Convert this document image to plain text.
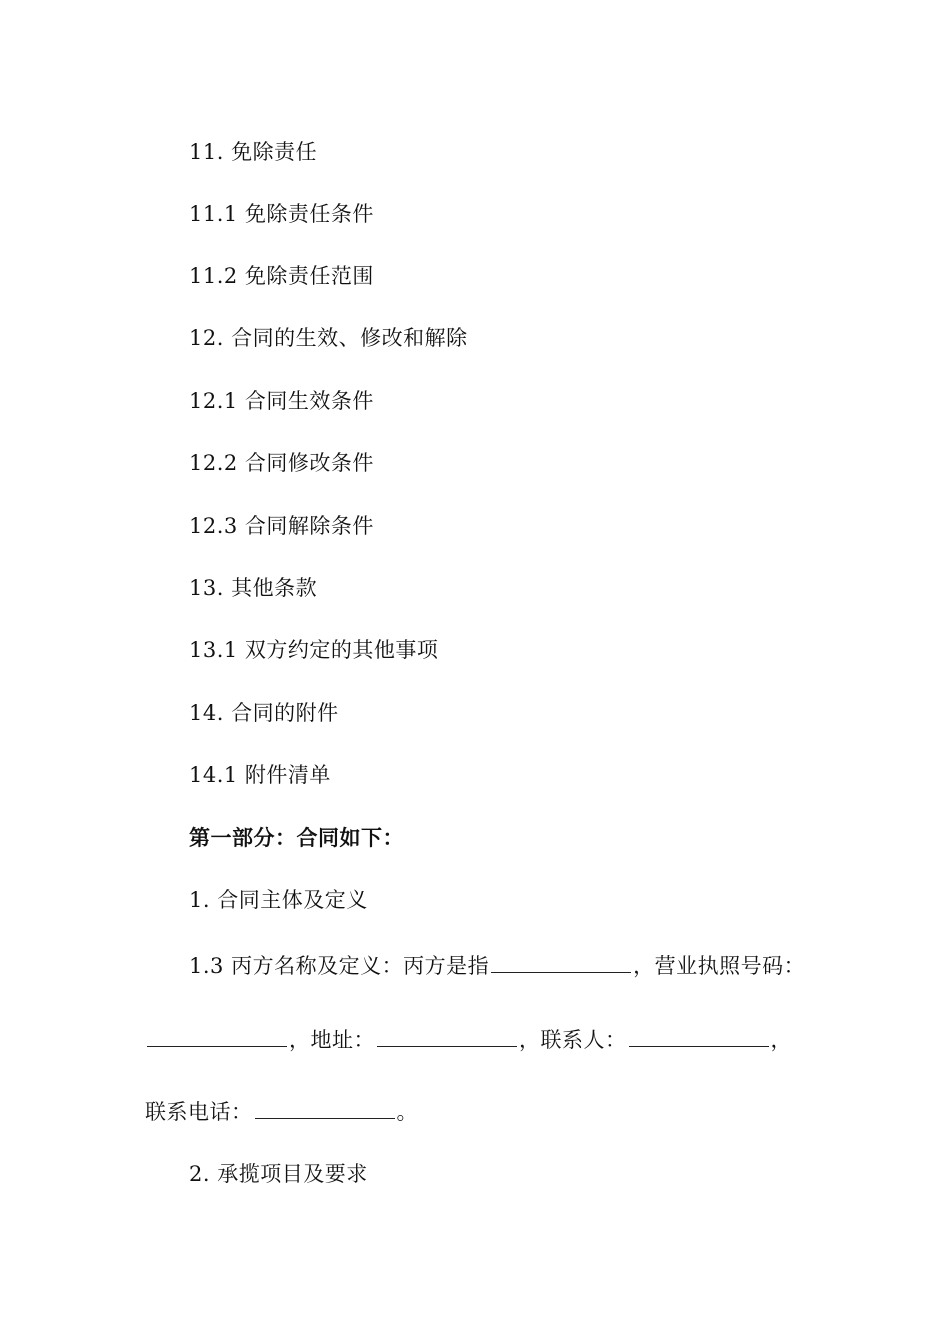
11. 免除责任
11.1 免除责任条件
11.2 免除责任范围
12. 合同的生效、修改和解除
12.1 合同生效条件
12.2 合同修改条件
12.3 合同解除条件
13. 其他条款
13.1 双方约定的其他事项
14. 合同的附件
14.1 附件清单
第一部分：合同如下：
1. 合同主体及定义
1.3 丙方名称及定义：丙方是指	，营业执照号码：
，地址：	，联系人：	，
联系电话：	。
2. 承揽项目及要求
